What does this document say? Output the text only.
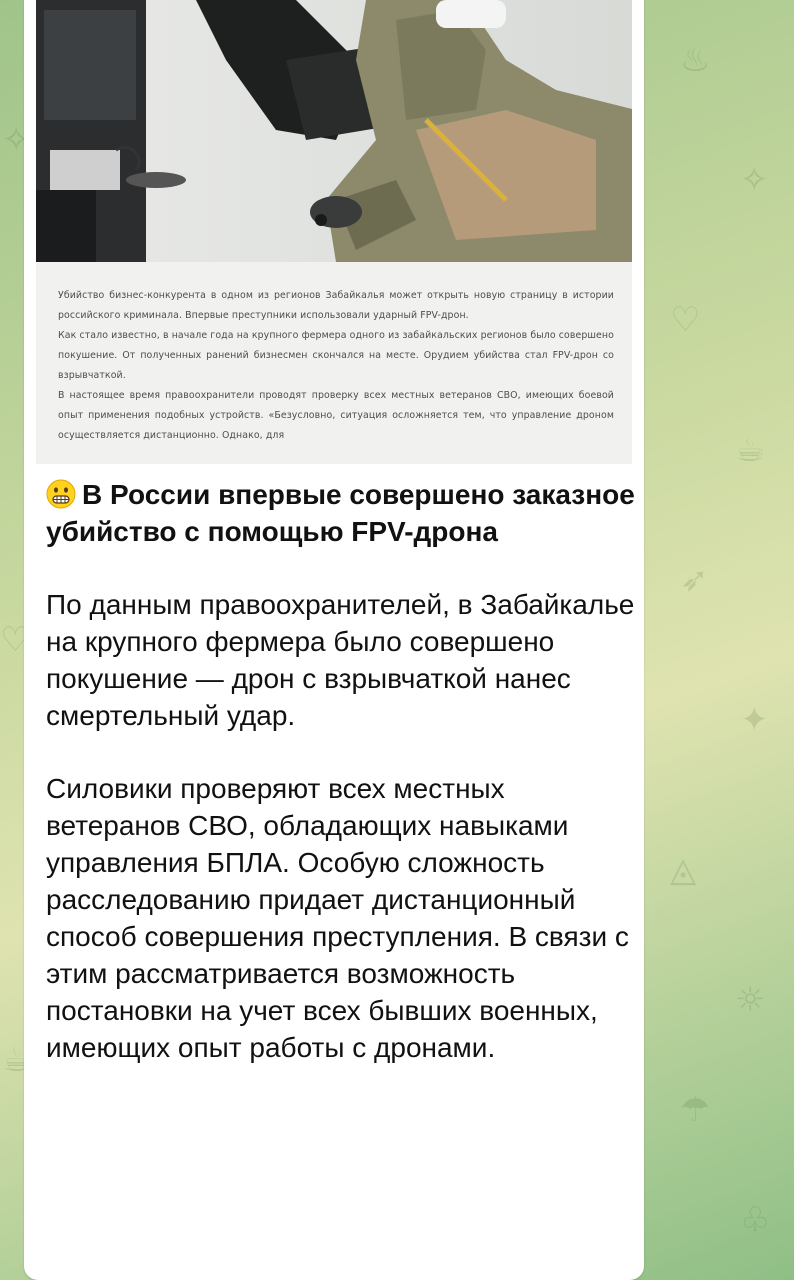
♨
✧
♡
☕
➶
✦
◬
☼
☂
♧
✧
♡
☕

Убийство бизнес-конкурента в одном из регионов Забайкалья может открыть новую страницу в истории российского криминала. Впервые преступники использовали ударный FPV-дрон.

Как стало известно, в начале года на крупного фермера одного из забайкальских регионов было совершено покушение. От полученных ранений бизнесмен скончался на месте. Орудием убийства стал FPV-дрон со взрывчаткой.

В настоящее время правоохранители проводят проверку всех местных ветеранов СВО, имеющих боевой опыт применения подобных устройств. «Безусловно, ситуация осложняется тем, что управление дроном осуществляется дистанционно. Однако, для

В России впервые совершено заказное убийство с помощью FPV-дрона

По данным правоохранителей, в Забайкалье на крупного фермера было совершено покушение — дрон с взрывчаткой нанес смертельный удар.

Силовики проверяют всех местных ветеранов СВО, обладающих навыками управления БПЛА. Особую сложность расследованию придает дистанционный способ совершения преступления. В связи с этим рассматривается возможность постановки на учет всех бывших военных, имеющих опыт работы с дронами.
